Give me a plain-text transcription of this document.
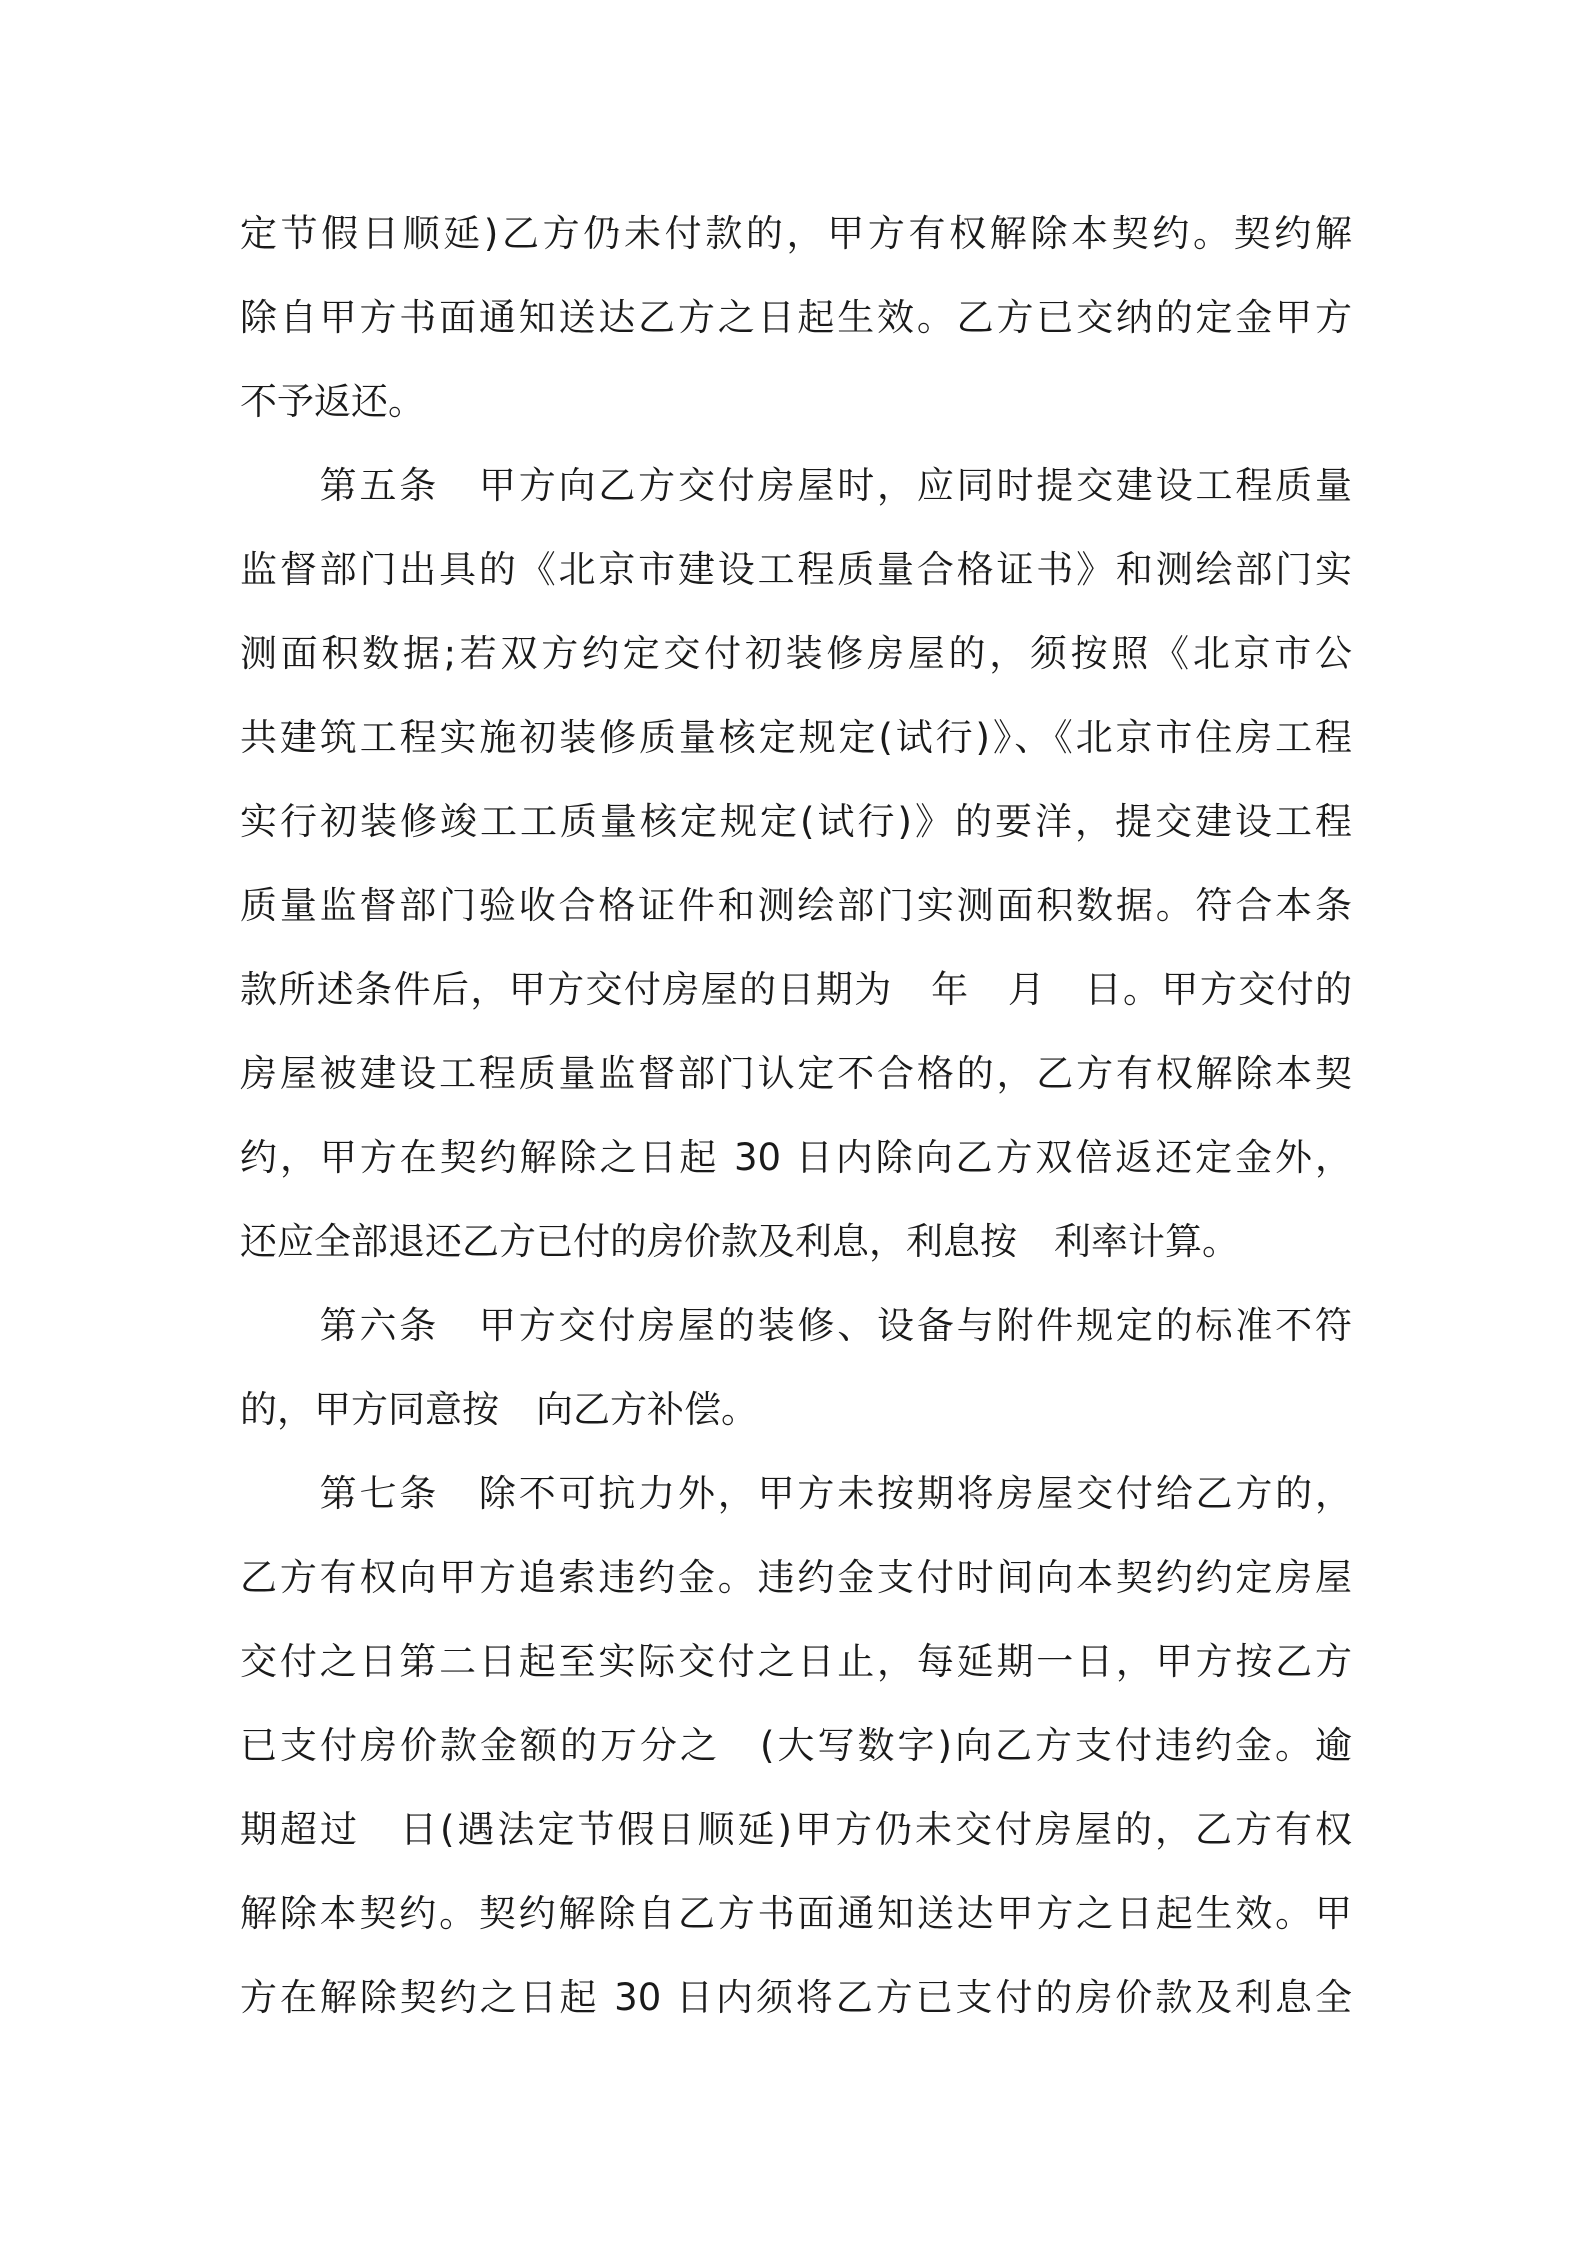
定节假日顺延)乙方仍未付款的，甲方有权解除本契约。契约解
除自甲方书面通知送达乙方之日起生效。乙方已交纳的定金甲方
不予返还。
　　第五条　甲方向乙方交付房屋时，应同时提交建设工程质量
监督部门出具的《北京市建设工程质量合格证书》和测绘部门实
测面积数据;若双方约定交付初装修房屋的，须按照《北京市公
共建筑工程实施初装修质量核定规定(试行)》、《北京市住房工程
实行初装修竣工工质量核定规定(试行)》的要洋，提交建设工程
质量监督部门验收合格证件和测绘部门实测面积数据。符合本条
款所述条件后，甲方交付房屋的日期为　年　月　日。甲方交付的
房屋被建设工程质量监督部门认定不合格的，乙方有权解除本契
约，甲方在契约解除之日起 30 日内除向乙方双倍返还定金外，
还应全部退还乙方已付的房价款及利息，利息按　利率计算。
　　第六条　甲方交付房屋的装修、设备与附件规定的标准不符
的，甲方同意按　向乙方补偿。
　　第七条　除不可抗力外，甲方未按期将房屋交付给乙方的，
乙方有权向甲方追索违约金。违约金支付时间向本契约约定房屋
交付之日第二日起至实际交付之日止，每延期一日，甲方按乙方
已支付房价款金额的万分之　(大写数字)向乙方支付违约金。逾
期超过　日(遇法定节假日顺延)甲方仍未交付房屋的，乙方有权
解除本契约。契约解除自乙方书面通知送达甲方之日起生效。甲
方在解除契约之日起 30 日内须将乙方已支付的房价款及利息全
